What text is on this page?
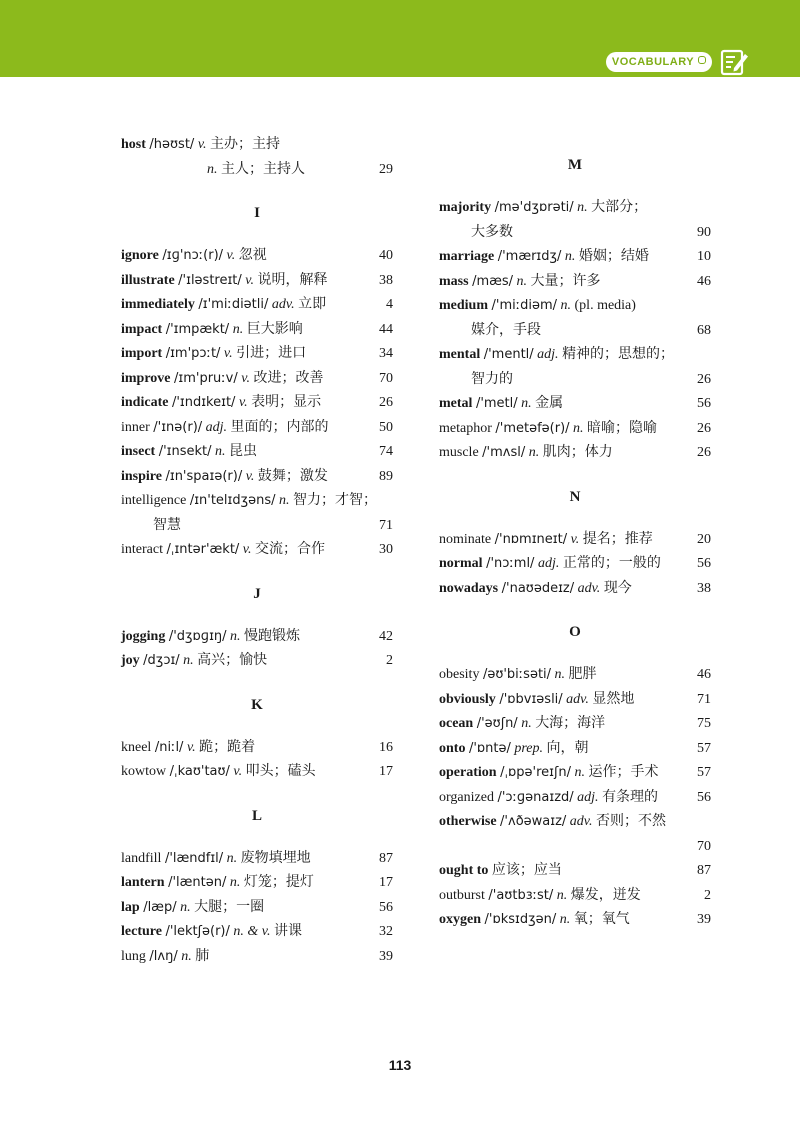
VOCABULARY
host /həʊst/ v. 主办；主持
n. 主人；主持人	29
I
ignore /ɪɡ'nɔː(r)/ v. 忽视	40
illustrate /'ɪləstreɪt/ v. 说明，解释	38
immediately /ɪ'miːdiətli/ adv. 立即	4
impact /'ɪmpækt/ n. 巨大影响	44
import /ɪm'pɔːt/ v. 引进；进口	34
improve /ɪm'pruːv/ v. 改进；改善	70
indicate /'ɪndɪkeɪt/ v. 表明；显示	26
inner /'ɪnə(r)/ adj. 里面的；内部的	50
insect /'ɪnsekt/ n. 昆虫	74
inspire /ɪn'spaɪə(r)/ v. 鼓舞；激发	89
intelligence /ɪn'telɪdʒəns/ n. 智力；才智；
智慧	71
interact /ˌɪntər'ækt/ v. 交流；合作	30
J
jogging /'dʒɒɡɪŋ/ n. 慢跑锻炼	42
joy /dʒɔɪ/ n. 高兴；愉快	2
K
kneel /niːl/ v. 跪；跪着	16
kowtow /ˌkaʊ'taʊ/ v. 叩头；磕头	17
L
landfill /'lændfɪl/ n. 废物填埋地	87
lantern /'læntən/ n. 灯笼；提灯	17
lap /læp/ n. 大腿；一圈	56
lecture /'lektʃə(r)/ n. & v. 讲课	32
lung /lʌŋ/ n. 肺	39
M
majority /mə'dʒɒrəti/ n. 大部分；
大多数	90
marriage /'mærɪdʒ/ n. 婚姻；结婚	10
mass /mæs/ n. 大量；许多	46
medium /'miːdiəm/ n. (pl. media)
媒介，手段	68
mental /'mentl/ adj. 精神的；思想的；
智力的	26
metal /'metl/ n. 金属	56
metaphor /'metəfə(r)/ n. 暗喻；隐喻	26
muscle /'mʌsl/ n. 肌肉；体力	26
N
nominate /'nɒmɪneɪt/ v. 提名；推荐	20
normal /'nɔːml/ adj. 正常的；一般的	56
nowadays /'naʊədeɪz/ adv. 现今	38
O
obesity /əʊ'biːsəti/ n. 肥胖	46
obviously /'ɒbvɪəsli/ adv. 显然地	71
ocean /'əʊʃn/ n. 大海；海洋	75
onto /'ɒntə/ prep. 向，朝	57
operation /ˌɒpə'reɪʃn/ n. 运作；手术	57
organized /'ɔːɡənaɪzd/ adj. 有条理的	56
otherwise /'ʌðəwaɪz/ adv. 否则；不然
70
ought to 应该；应当	87
outburst /'aʊtbɜːst/ n. 爆发，迸发	2
oxygen /'ɒksɪdʒən/ n. 氧；氧气	39
113
